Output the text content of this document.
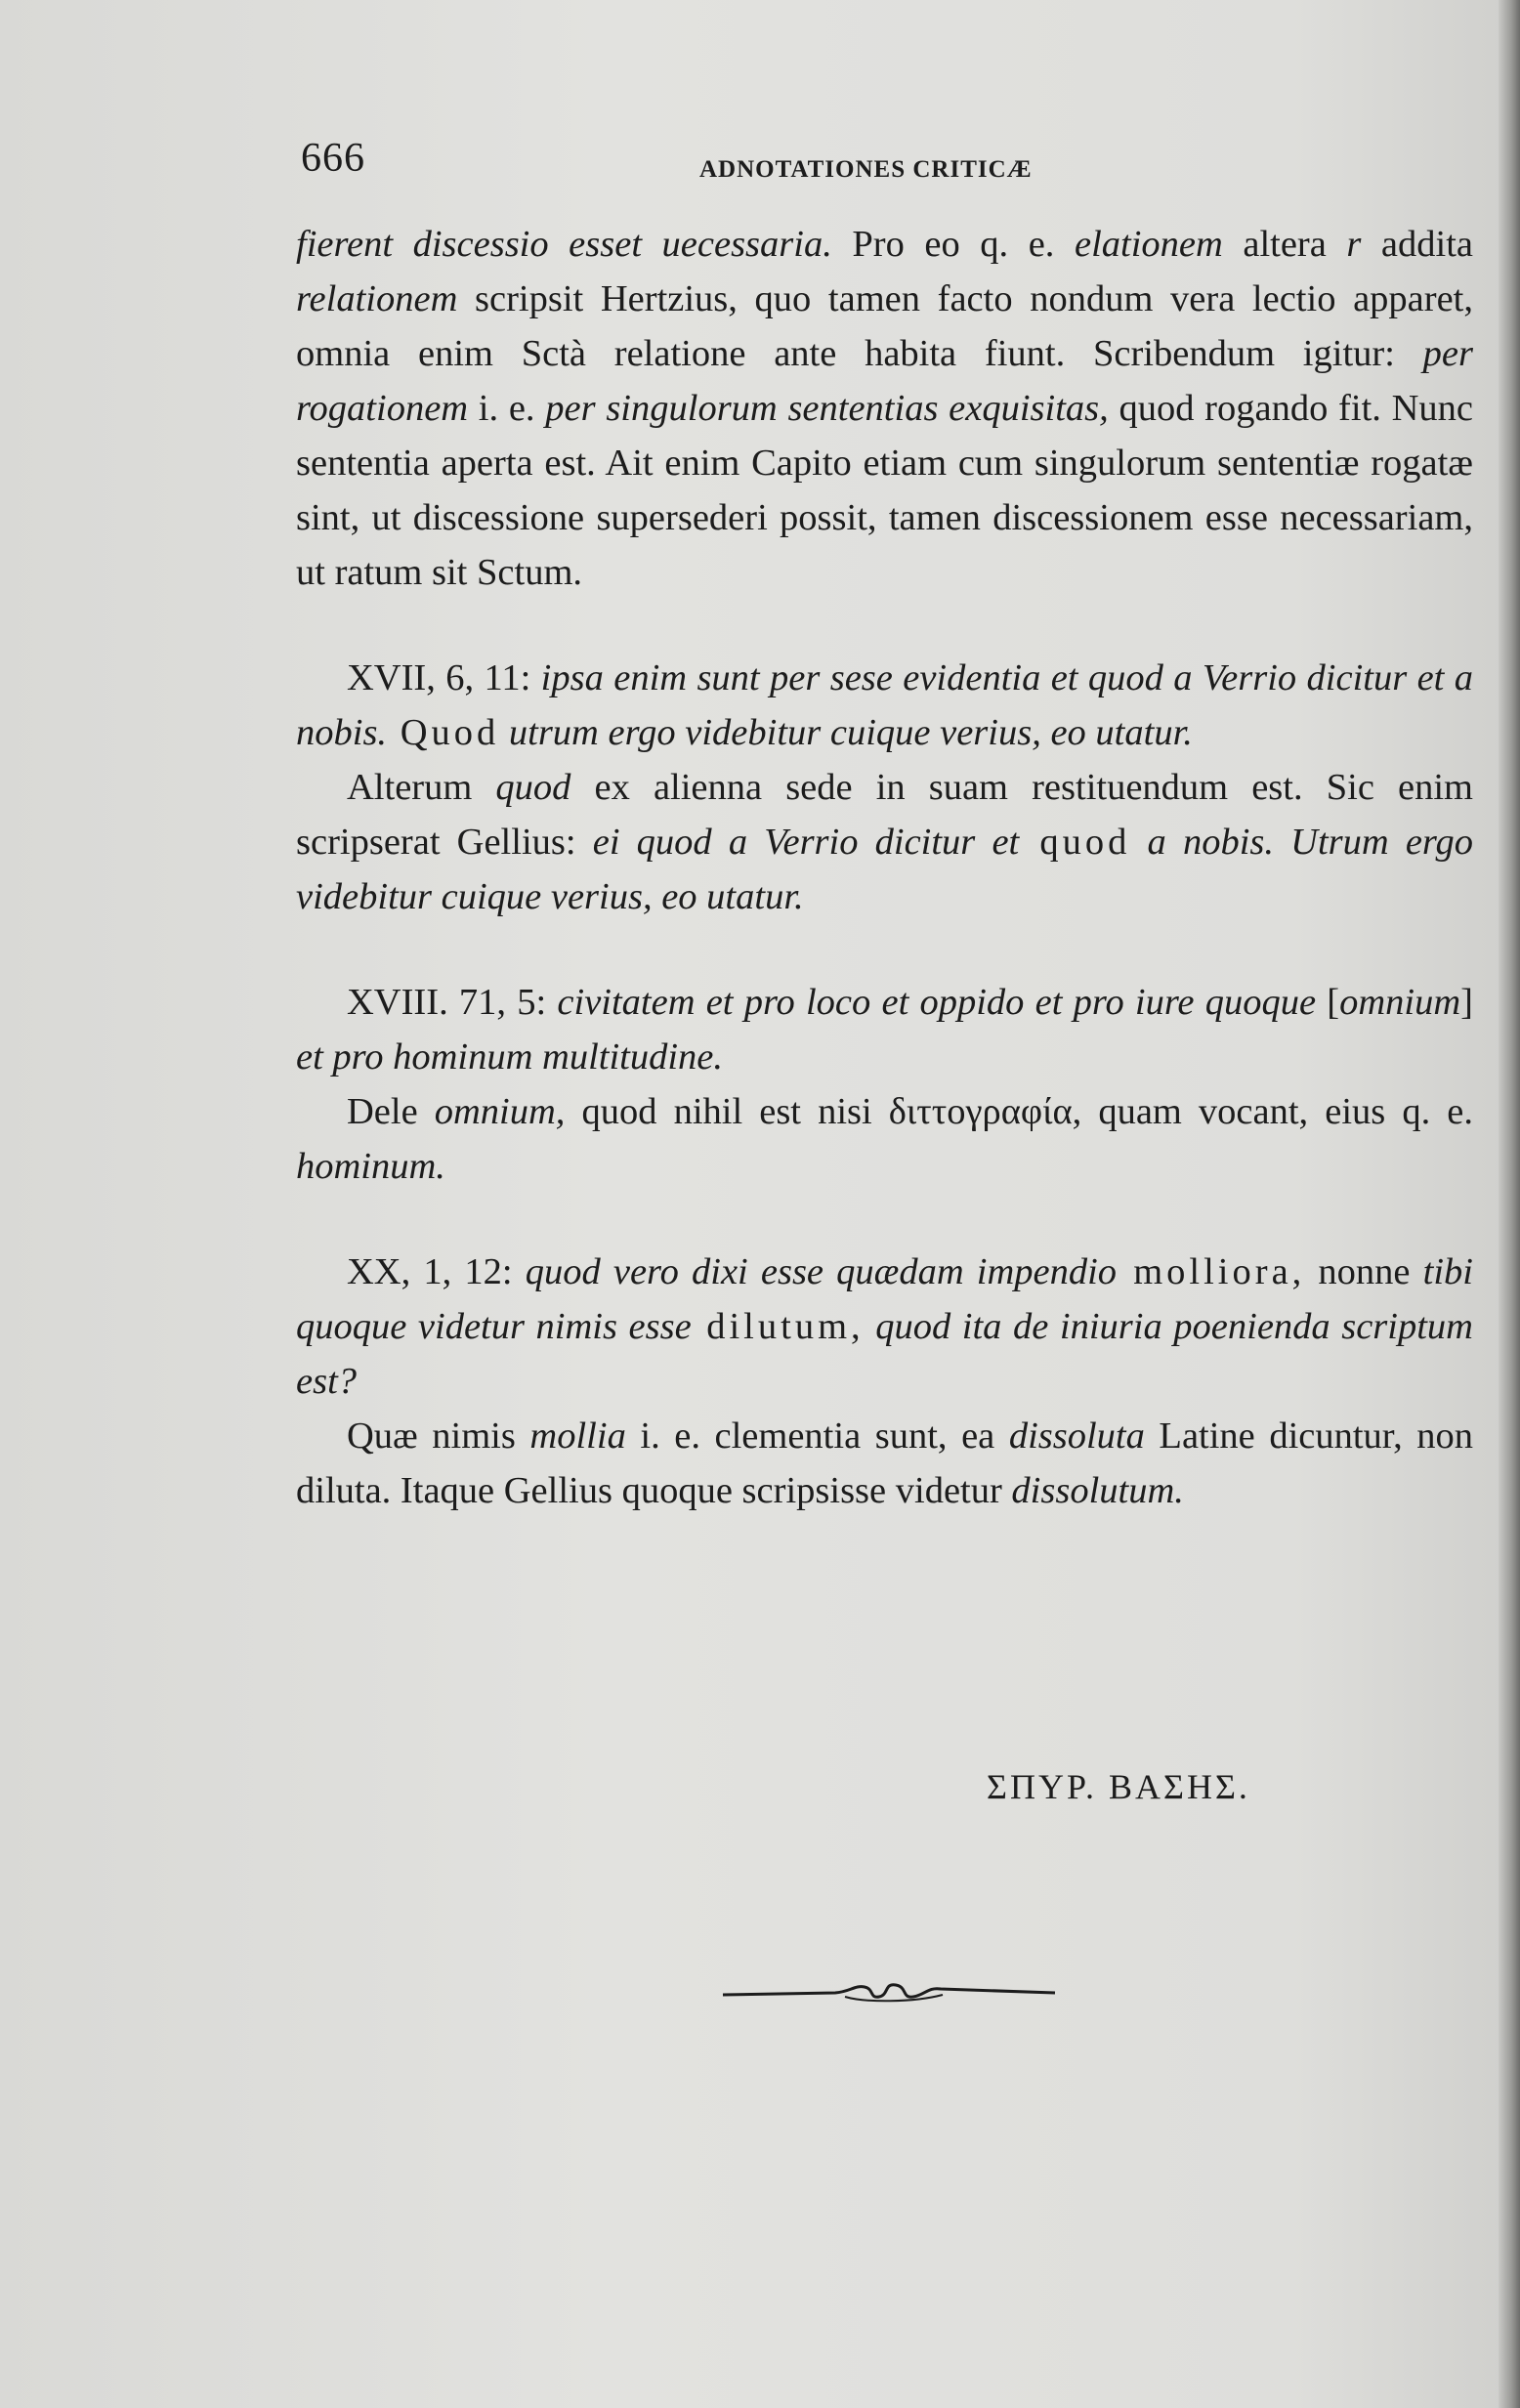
666	ADNOTATIONES CRITICÆ

fierent discessio esset uecessaria. Pro eo q. e. elationem altera r addita relationem scripsit Hertzius, quo tamen facto nondum vera lectio apparet, omnia enim Sctà relatione ante habita fiunt. Scribendum igitur: per rogationem i. e. per singulorum sententias exquisitas, quod rogando fit. Nunc sententia aperta est. Ait enim Capito etiam cum singulorum sententiæ rogatæ sint, ut discessione supersederi possit, tamen discessionem esse necessariam, ut ratum sit Sctum.

XVII, 6, 11: ipsa enim sunt per sese evidentia et quod a Verrio dicitur et a nobis. Quod utrum ergo videbitur cuique verius, eo utatur.

Alterum quod ex alienna sede in suam restituendum est. Sic enim scripserat Gellius: ei quod a Verrio dicitur et quod a nobis. Utrum ergo videbitur cuique verius, eo utatur.

XVIII. 71, 5: civitatem et pro loco et oppido et pro iure quoque [omnium] et pro hominum multitudine.

Dele omnium, quod nihil est nisi διττογραφία, quam vocant, eius q. e. hominum.

XX, 1, 12: quod vero dixi esse quædam impendio molliora, nonne tibi quoque videtur nimis esse dilutum, quod ita de iniuria poenienda scriptum est?

Quæ nimis mollia i. e. clementia sunt, ea dissoluta Latine dicuntur, non diluta. Itaque Gellius quoque scripsisse videtur dissolutum.

ΣΠΥΡ. ΒΑΣΗΣ.
